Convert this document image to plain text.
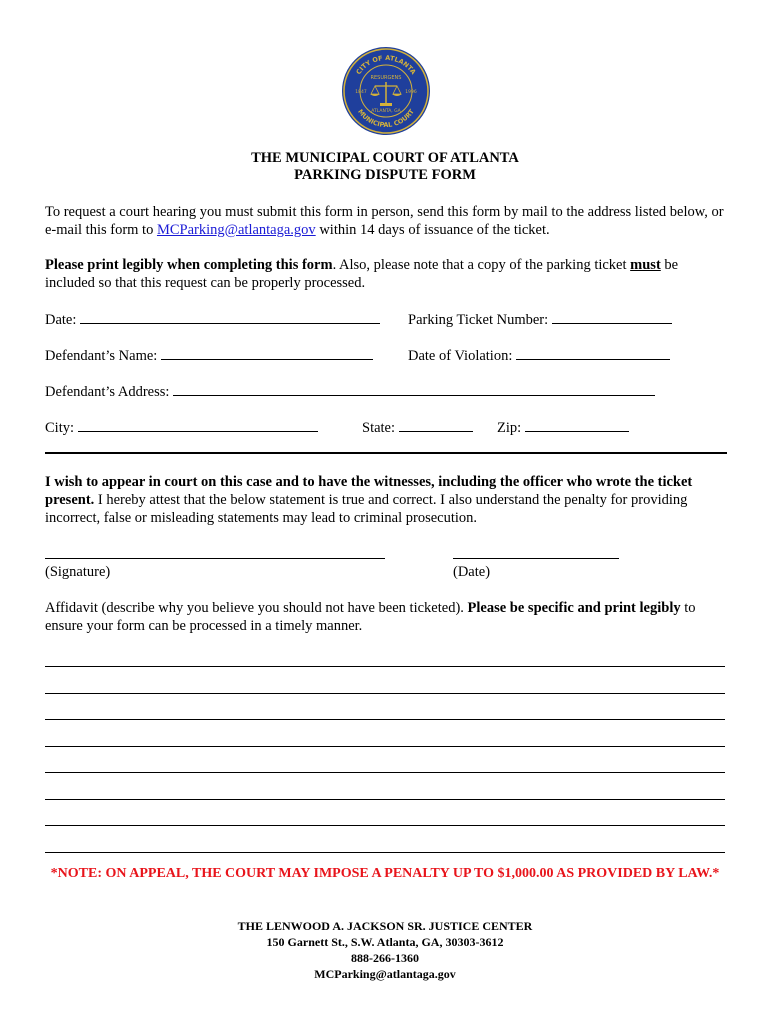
CITY OF ATLANTA
MUNICIPAL COURT
RESURGENS
1847	1996
ATLANTA, GA
THE MUNICIPAL COURT OF ATLANTA
PARKING DISPUTE FORM
To request a court hearing you must submit this form in person, send this form by mail to the address listed below, or e-mail this form to MCParking@atlantaga.gov within 14 days of issuance of the ticket.
Please print legibly when completing this form. Also, please note that a copy of the parking ticket must be included so that this request can be properly processed.
Date:	Parking Ticket Number:
Defendant’s Name:	Date of Violation:
Defendant’s Address:
City:	State:	Zip:
I wish to appear in court on this case and to have the witnesses, including the officer who wrote the ticket present. I hereby attest that the below statement is true and correct. I also understand the penalty for providing incorrect, false or misleading statements may lead to criminal prosecution.
(Signature)	(Date)
Affidavit (describe why you believe you should not have been ticketed). Please be specific and print legibly to ensure your form can be processed in a timely manner.
*NOTE: ON APPEAL, THE COURT MAY IMPOSE A PENALTY UP TO $1,000.00 AS PROVIDED BY LAW.*
THE LENWOOD A. JACKSON SR. JUSTICE CENTER
150 Garnett St., S.W. Atlanta, GA, 30303-3612
888-266-1360
MCParking@atlantaga.gov
